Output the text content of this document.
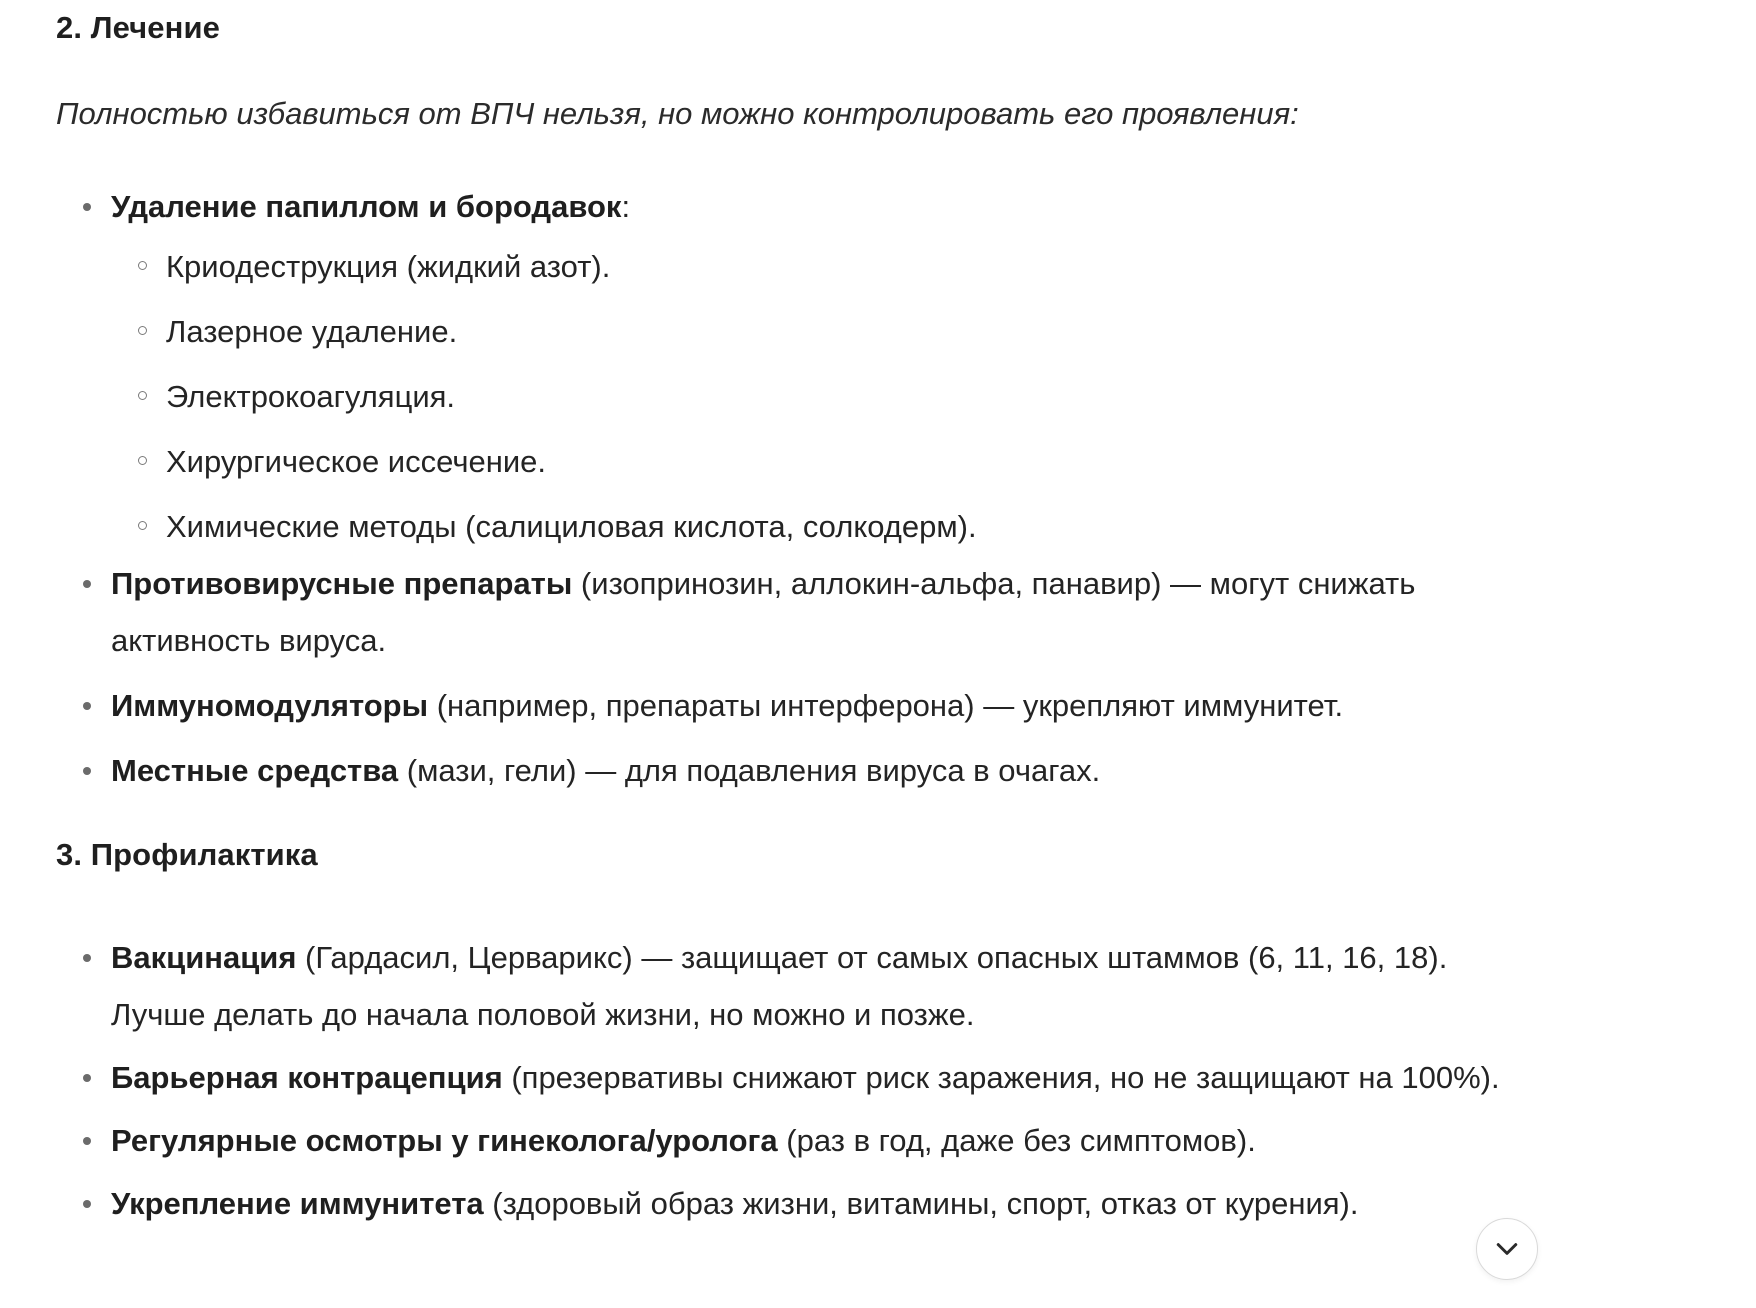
2. Лечение

Полностью избавиться от ВПЧ нельзя, но можно контролировать его проявления:

Удаление папиллом и бородавок:
Криодеструкция (жидкий азот).
Лазерное удаление.
Электрокоагуляция.
Хирургическое иссечение.
Химические методы (салициловая кислота, солкодерм).
Противовирусные препараты (изопринозин, аллокин-альфа, панавир) — могут снижать активность вируса.
Иммуномодуляторы (например, препараты интерферона) — укрепляют иммунитет.
Местные средства (мази, гели) — для подавления вируса в очагах.
3. Профилактика
Вакцинация (Гардасил, Церварикс) — защищает от самых опасных штаммов (6, 11, 16, 18). Лучше делать до начала половой жизни, но можно и позже.
Барьерная контрацепция (презервативы снижают риск заражения, но не защищают на 100%).
Регулярные осмотры у гинеколога/уролога (раз в год, даже без симптомов).
Укрепление иммунитета (здоровый образ жизни, витамины, спорт, отказ от курения).
